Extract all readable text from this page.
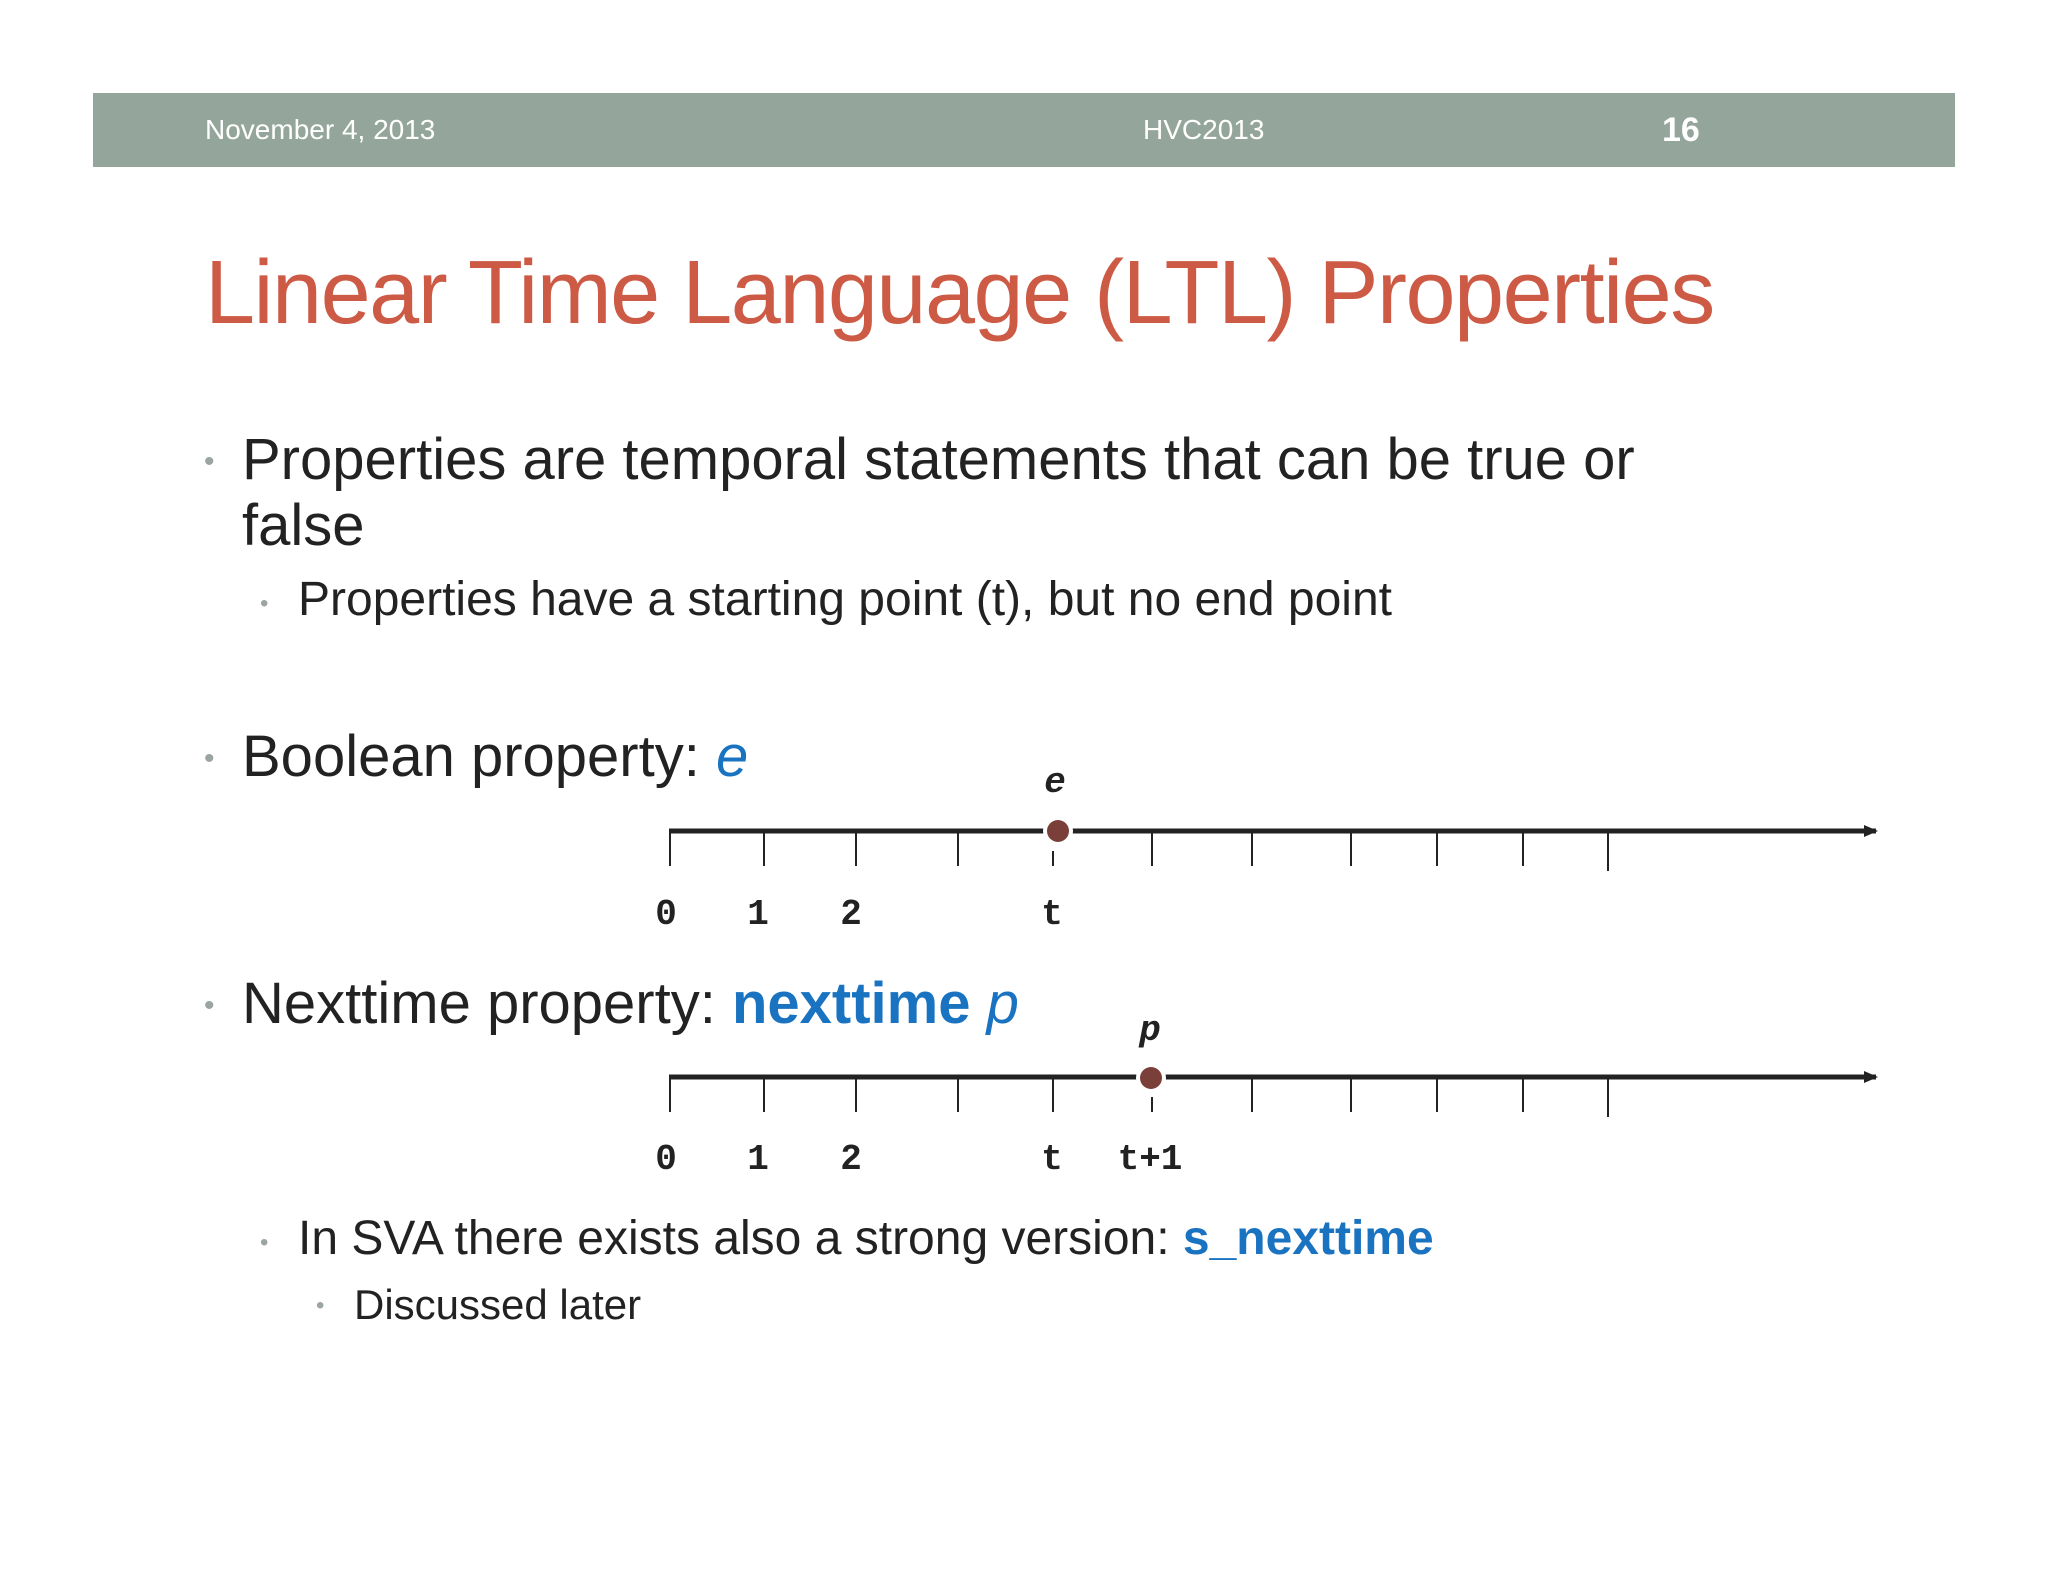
November 4, 2013	HVC2013	16
Linear Time Language (LTL) Properties
• Properties are temporal statements that can be true or
false
• Properties have a starting point (t), but no end point
• Boolean property: e	e
0 1 2	t
• Nexttime property: nexttime p	p
0 1 2	t t+1
• In SVA there exists also a strong version: s_nexttime
• Discussed later
